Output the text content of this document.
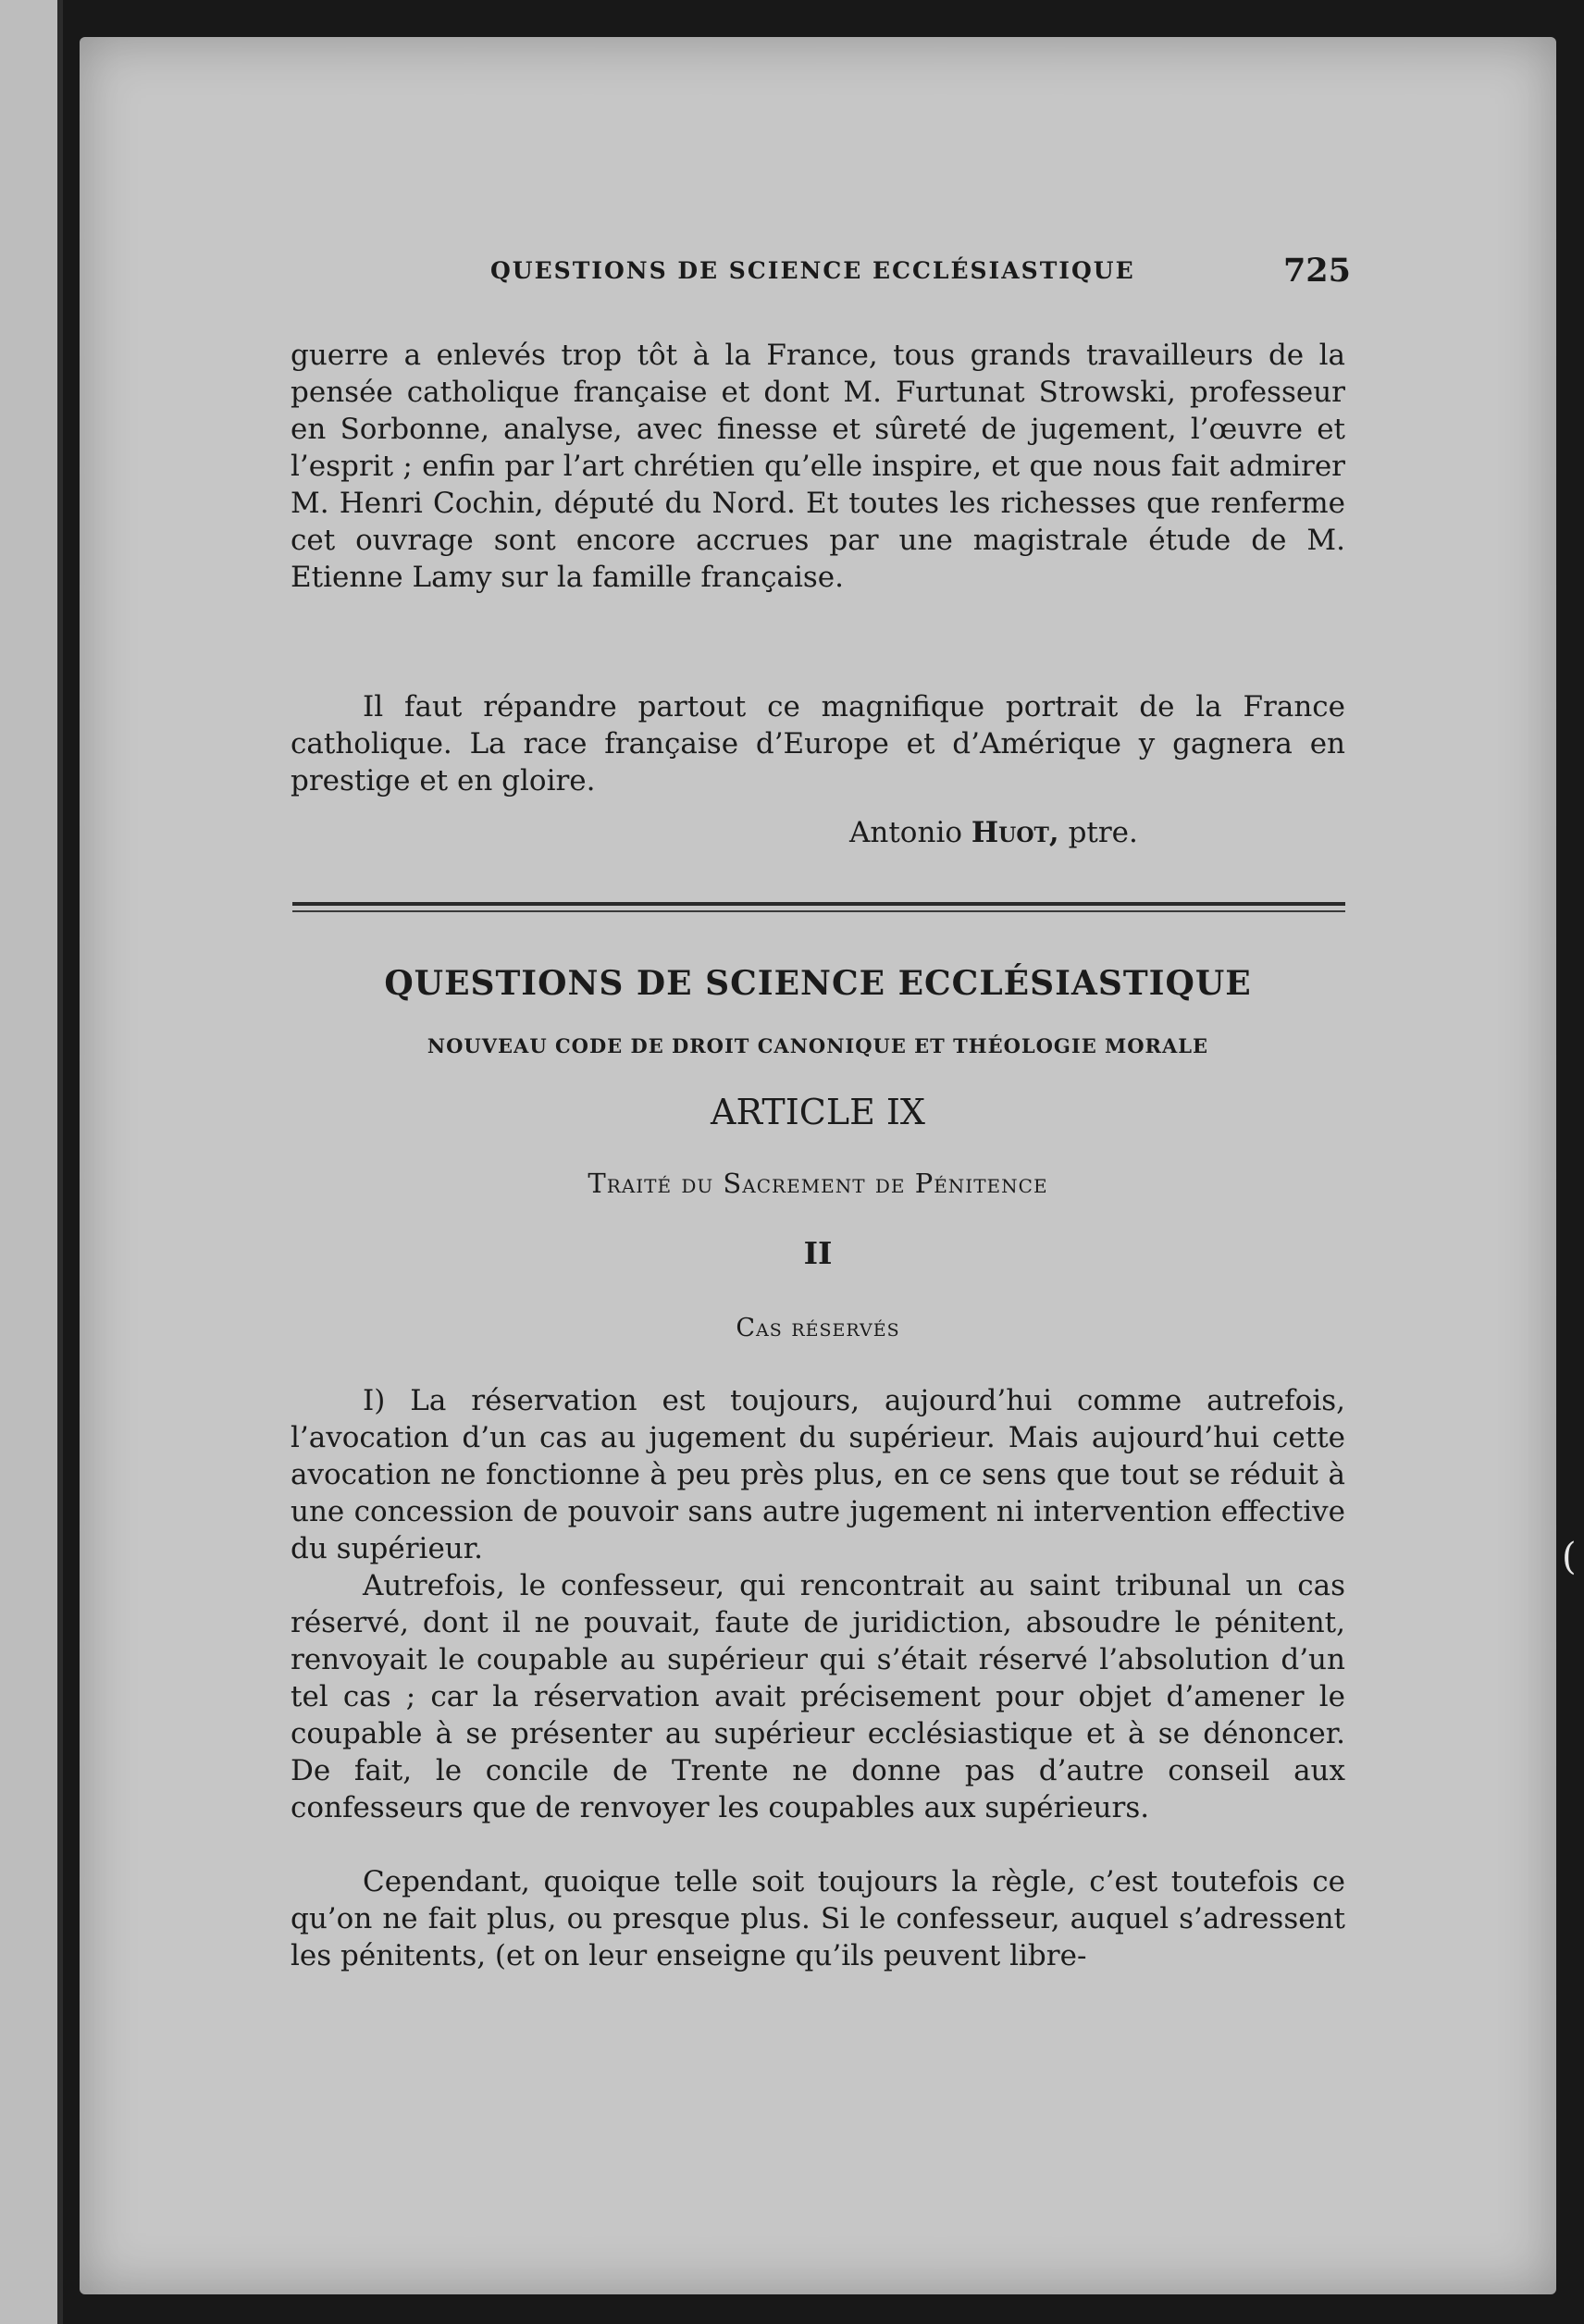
QUESTIONS DE SCIENCE ECCLÉSIASTIQUE	725
guerre a enlevés trop tôt à la France, tous grands travailleurs de la pensée catholique française et dont M. Furtunat Strowski, professeur en Sorbonne, analyse, avec finesse et sûreté de jugement, l’œuvre et l’esprit ; enfin par l’art chrétien qu’elle inspire, et que nous fait admirer M. Henri Cochin, député du Nord. Et toutes les richesses que renferme cet ouvrage sont encore accrues par une magistrale étude de M. Etienne Lamy sur la famille française.
Il faut répandre partout ce magnifique portrait de la France catholique. La race française d’Europe et d’Amérique y gagnera en prestige et en gloire.
Antonio Huot, ptre.
QUESTIONS DE SCIENCE ECCLÉSIASTIQUE
NOUVEAU CODE DE DROIT CANONIQUE ET THÉOLOGIE MORALE
ARTICLE IX
Traité du Sacrement de Pénitence
II
Cas réservés
I) La réservation est toujours, aujourd’hui comme autrefois, l’avocation d’un cas au jugement du supérieur. Mais aujourd’hui cette avocation ne fonctionne à peu près plus, en ce sens que tout se réduit à une concession de pouvoir sans autre jugement ni intervention effective du supérieur.
Autrefois, le confesseur, qui rencontrait au saint tribunal un cas réservé, dont il ne pouvait, faute de juridiction, absoudre le pénitent, renvoyait le coupable au supérieur qui s’était réservé l’absolution d’un tel cas ; car la réservation avait précisement pour objet d’amener le coupable à se présenter au supérieur ecclésiastique et à se dénoncer. De fait, le concile de Trente ne donne pas d’autre conseil aux confesseurs que de renvoyer les coupables aux supérieurs.
Cependant, quoique telle soit toujours la règle, c’est toutefois ce qu’on ne fait plus, ou presque plus. Si le confesseur, auquel s’adressent les pénitents, (et on leur enseigne qu’ils peuvent libre-
(
